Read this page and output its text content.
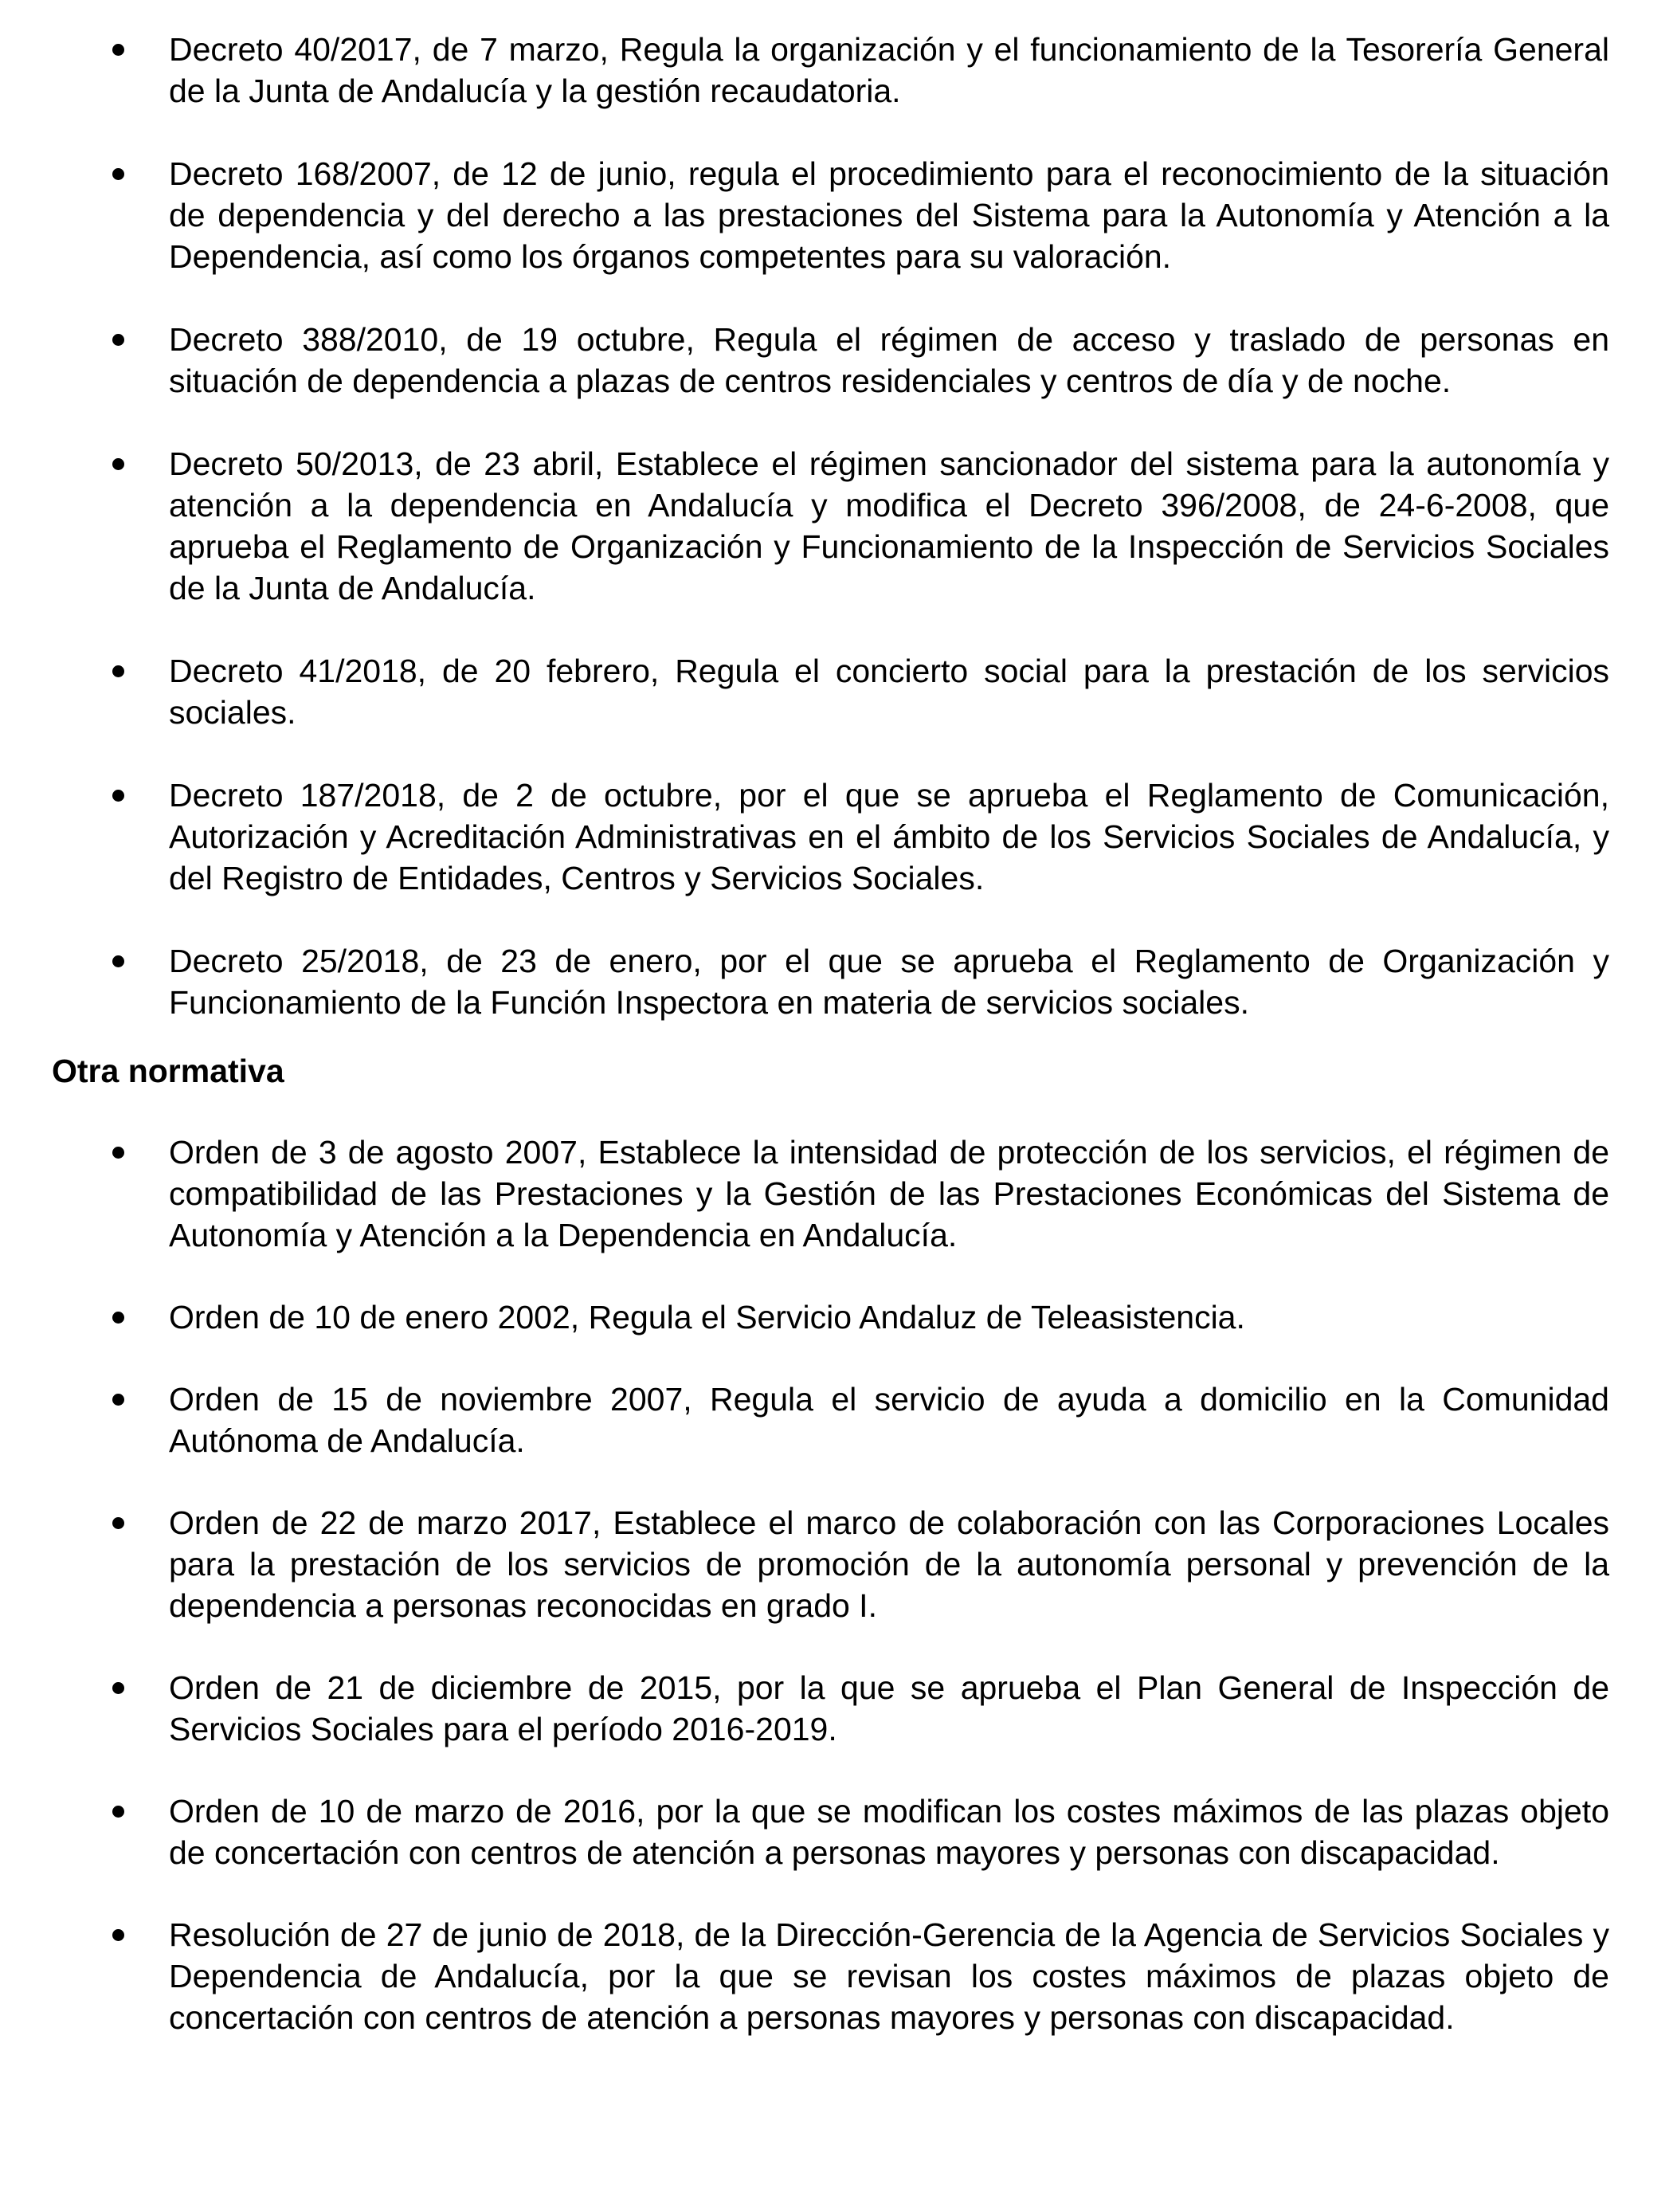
Decreto 40/2017, de 7 marzo, Regula la organización y el funcionamiento de la Tesorería General de la Junta de Andalucía y la gestión recaudatoria.
Decreto 168/2007, de 12 de junio, regula el procedimiento para el reconocimiento de la situación de dependencia y del derecho a las prestaciones del Sistema para la Autonomía y Atención a la Dependencia, así como los órganos competentes para su valoración.
Decreto 388/2010, de 19 octubre, Regula el régimen de acceso y traslado de personas en situación de dependencia a plazas de centros residenciales y centros de día y de noche.
Decreto 50/2013, de 23 abril, Establece el régimen sancionador del sistema para la autonomía y atención a la dependencia en Andalucía y modifica el Decreto 396/2008, de 24-6-2008, que aprueba el Reglamento de Organización y Funcionamiento de la Inspección de Servicios Sociales de la Junta de Andalucía.
Decreto 41/2018, de 20 febrero, Regula el concierto social para la prestación de los servicios sociales.
Decreto 187/2018, de 2 de octubre, por el que se aprueba el Reglamento de Comunicación, Autorización y Acreditación Administrativas en el ámbito de los Servicios Sociales de Andalucía, y del Registro de Entidades, Centros y Servicios Sociales.
Decreto 25/2018, de 23 de enero, por el que se aprueba el Reglamento de Organización y Funcionamiento de la Función Inspectora en materia de servicios sociales.
Otra normativa
Orden de 3 de agosto 2007, Establece la intensidad de protección de los servicios, el régimen de compatibilidad de las Prestaciones y la Gestión de las Prestaciones Económicas del Sistema de Autonomía y Atención a la Dependencia en Andalucía.
Orden de 10 de enero 2002, Regula el Servicio Andaluz de Teleasistencia.
Orden de 15 de noviembre 2007, Regula el servicio de ayuda a domicilio en la Comunidad Autónoma de Andalucía.
Orden de 22 de marzo 2017, Establece el marco de colaboración con las Corporaciones Locales para la prestación de los servicios de promoción de la autonomía personal y prevención de la dependencia a personas reconocidas en grado I.
Orden de 21 de diciembre de 2015, por la que se aprueba el Plan General de Inspección de Servicios Sociales para el período 2016-2019.
Orden de 10 de marzo de 2016, por la que se modifican los costes máximos de las plazas objeto de concertación con centros de atención a personas mayores y personas con discapacidad.
Resolución de 27 de junio de 2018, de la Dirección-Gerencia de la Agencia de Servicios Sociales y Dependencia de Andalucía, por la que se revisan los costes máximos de plazas objeto de concertación con centros de atención a personas mayores y personas con discapacidad.
